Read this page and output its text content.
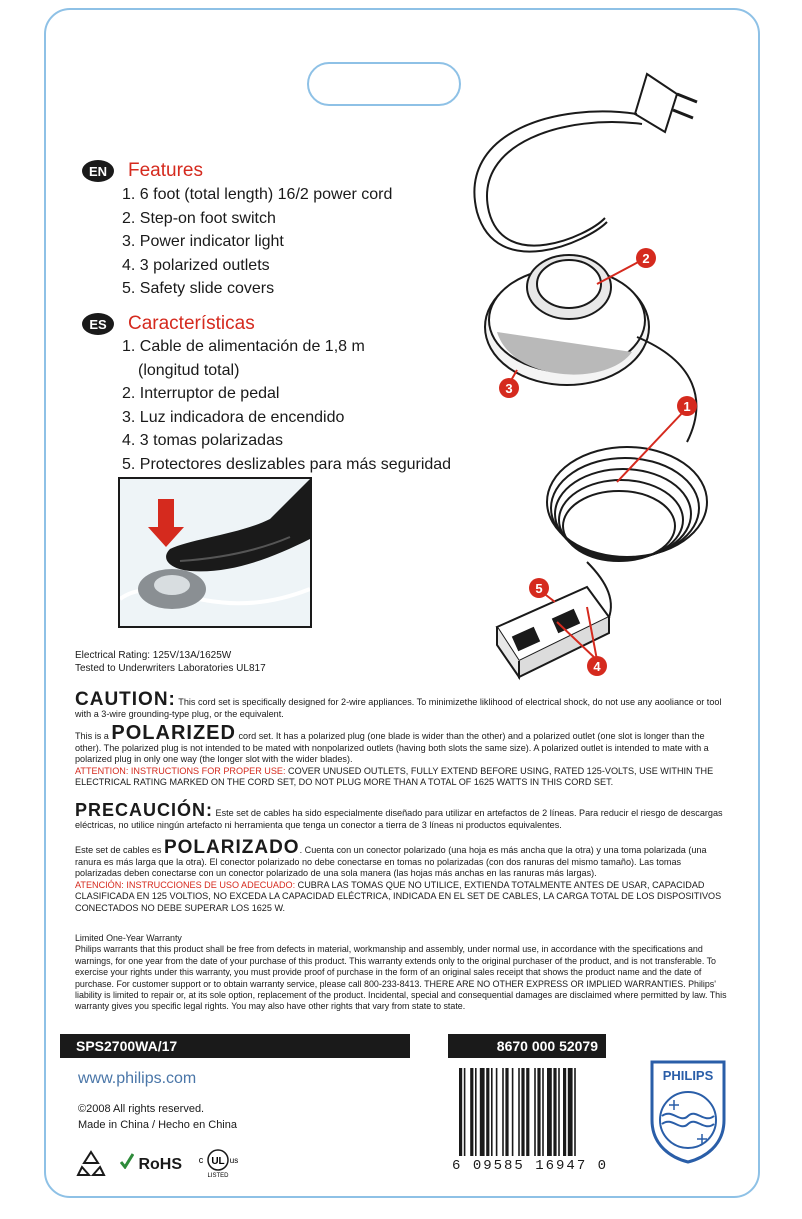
EN	Features
1. 6 foot (total length) 16/2 power cord
2. Step-on foot switch
3. Power indicator light
4. 3 polarized outlets
5. Safety slide covers
ES	Características
1. Cable de alimentación de 1,8 m
(longitud total)
2. Interruptor de pedal
3. Luz indicadora de encendido
4. 3 tomas polarizadas
5. Protectores deslizables para más seguridad
1
2
3
4
5
Electrical Rating: 125V/13A/1625W
Tested to Underwriters Laboratories UL817

CAUTION: This cord set is specifically designed for 2-wire appliances. To minimizethe liklihood of electrical shock, do not use any aooliance or tool with a 3-wire grounding-type plug, or the equivalent.

This is a POLARIZED cord set. It has a polarized plug (one blade is wider than the other) and a polarized outlet (one slot is longer than the other). The polarized plug is not intended to be mated with nonpolarized outlets (having both slots the same size). A polarized outlet is intended to mate with a polarized plug in only one way (the longer slot with the wider blades).

ATTENTION: INSTRUCTIONS FOR PROPER USE: COVER UNUSED OUTLETS, FULLY EXTEND BEFORE USING, RATED 125-VOLTS, USE WITHIN THE ELECTRICAL RATING MARKED ON THE CORD SET, DO NOT PLUG MORE THAN A TOTAL OF 1625 WATTS IN THIS CORD SET.

PRECAUCIÓN: Este set de cables ha sido especialmente diseñado para utilizar en artefactos de 2 líneas. Para reducir el riesgo de descargas eléctricas, no utilice ningún artefacto ni herramienta que tenga un conector a tierra de 3 líneas ni productos equivalentes.

Este set de cables es POLARIZADO. Cuenta con un conector polarizado (una hoja es más ancha que la otra) y una toma polarizada (una ranura es más larga que la otra). El conector polarizado no debe conectarse en tomas no polarizadas (con dos ranuras del mismo tamaño). Las tomas polarizadas deben conectarse con un conector polarizado de una sola manera (las hojas más anchas en las ranuras más largas).

ATENCIÓN: INSTRUCCIONES DE USO ADECUADO: CUBRA LAS TOMAS QUE NO UTILICE, EXTIENDA TOTALMENTE ANTES DE USAR, CAPACIDAD CLASIFICADA EN 125 VOLTIOS, NO EXCEDA LA CAPACIDAD ELÉCTRICA, INDICADA EN EL SET DE CABLES, LA CARGA TOTAL DE LOS DISPOSITIVOS CONECTADOS NO DEBE SUPERAR LOS 1625 W.

Limited One-Year Warranty
Philips warrants that this product shall be free from defects in material, workmanship and assembly, under normal use, in accordance with the specifications and warnings, for one year from the date of your purchase of this product. This warranty extends only to the original purchaser of the product, and is not transferable. To exercise your rights under this warranty, you must provide proof of purchase in the form of an original sales receipt that shows the product name and the date of purchase. For customer support or to obtain warranty service, please call 800-233-8413. THERE ARE NO OTHER EXPRESS OR IMPLIED WARRANTIES. Philips' liability is limited to repair or, at its sole option, replacement of the product. Incidental, special and consequential damages are disclaimed where permitted by law. This warranty gives you specific legal rights. You may also have other rights that vary from state to state.
SPS2700WA/17	8670 000 52079
www.philips.com
©2008 All rights reserved.
Made in China / Hecho en China
RoHS	UL
c	us
LISTED
6 09585 16947 0
PHILIPS
